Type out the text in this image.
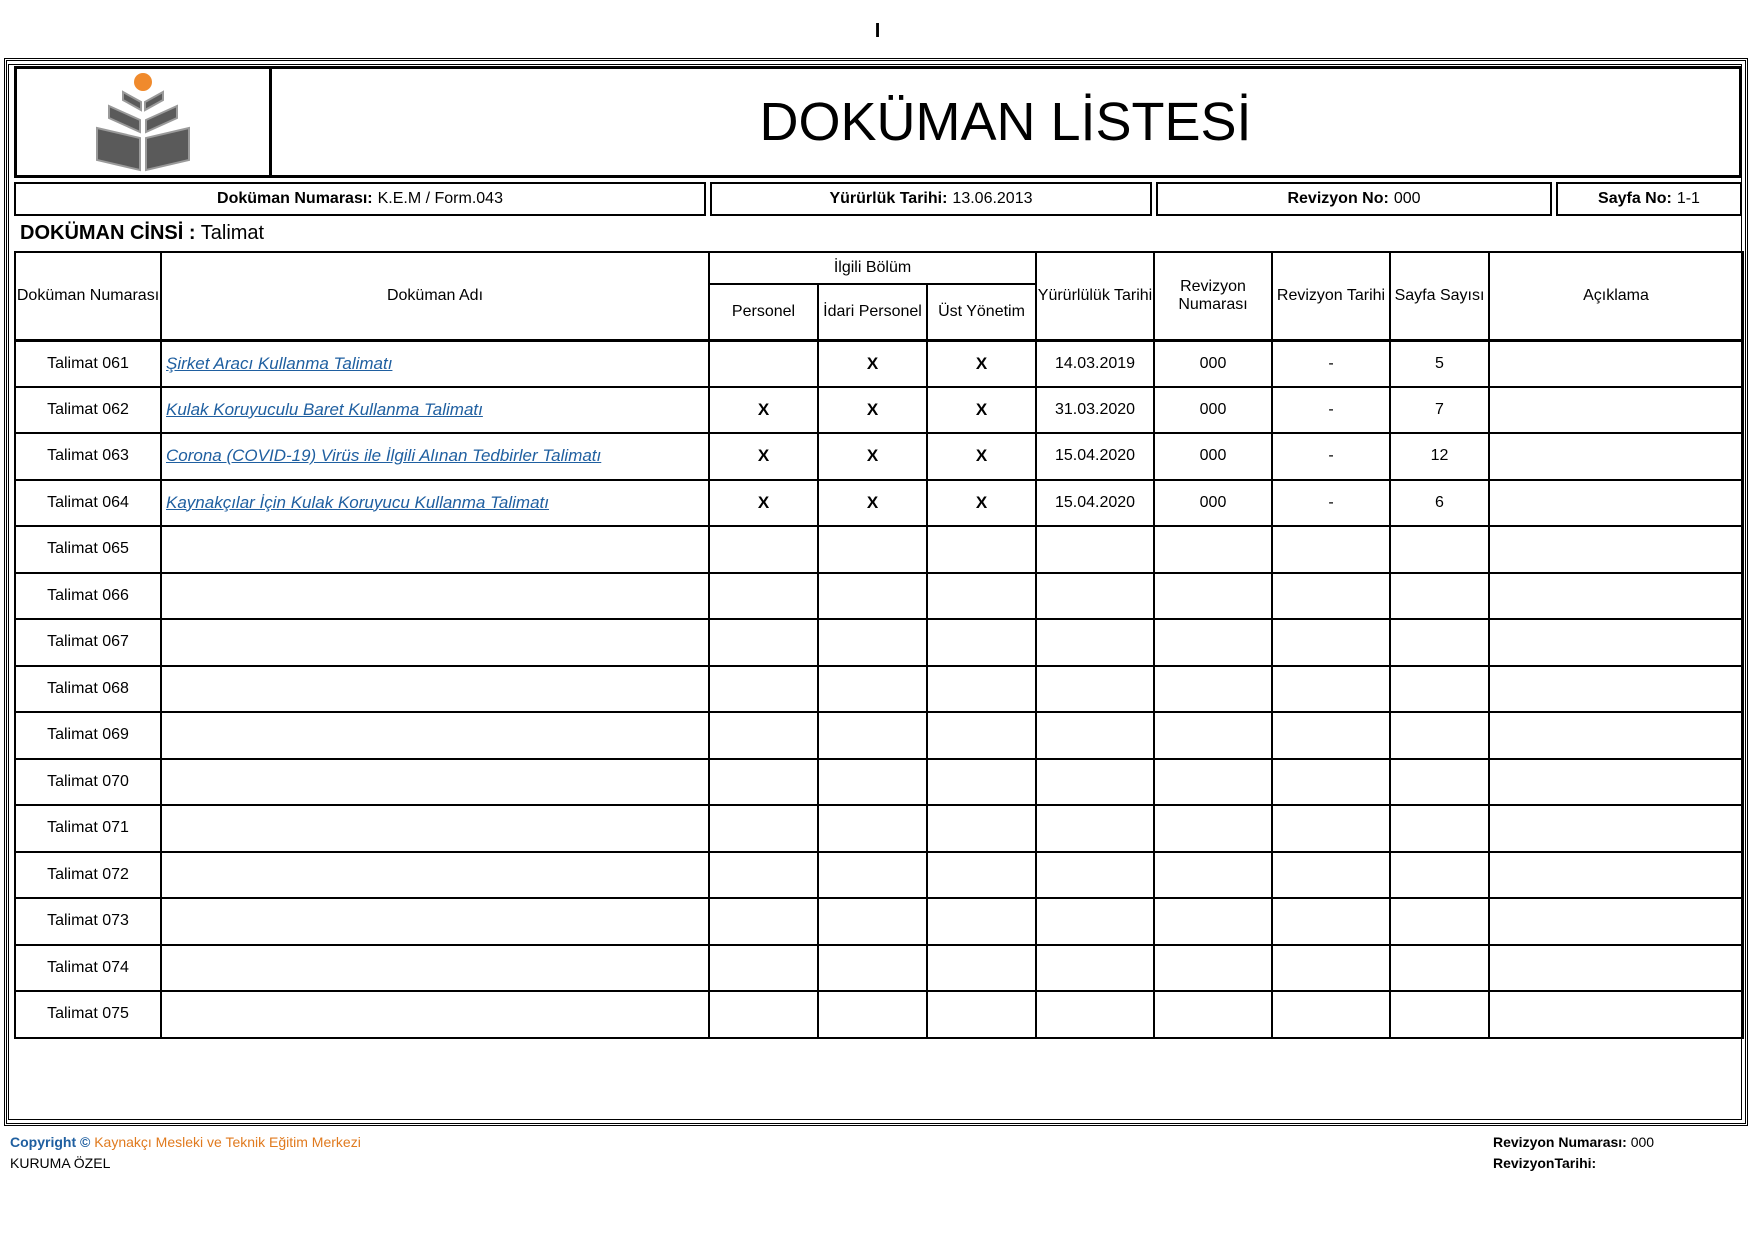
I
DOKÜMAN LİSTESİ
Doküman Numarası: K.E.M / Form.043	Yürürlük Tarihi: 13.06.2013	Revizyon No: 000	Sayfa No: 1-1
DOKÜMAN CİNSİ : Talimat
Doküman Numarası	Doküman Adı	İlgili Bölüm			Yürürlülük Tarihi	Revizyon Numarası	Revizyon Tarihi	Sayfa Sayısı	Açıklama
		Personel	İdari Personel	Üst Yönetim					
Talimat 061	Şirket Aracı Kullanma Talimatı		X	X	14.03.2019	000	-	5	
Talimat 062	Kulak Koruyuculu Baret Kullanma Talimatı	X	X	X	31.03.2020	000	-	7	
Talimat 063	Corona (COVID-19) Virüs ile İlgili Alınan Tedbirler Talimatı	X	X	X	15.04.2020	000	-	12	
Talimat 064	Kaynakçılar İçin Kulak Koruyucu Kullanma Talimatı	X	X	X	15.04.2020	000	-	6	
Talimat 065									
Talimat 066									
Talimat 067									
Talimat 068									
Talimat 069									
Talimat 070									
Talimat 071									
Talimat 072									
Talimat 073									
Talimat 074									
Talimat 075									
Copyright © Kaynakçı Mesleki ve Teknik Eğitim Merkezi
KURUMA ÖZEL
Revizyon Numarası: 000
RevizyonTarihi:
